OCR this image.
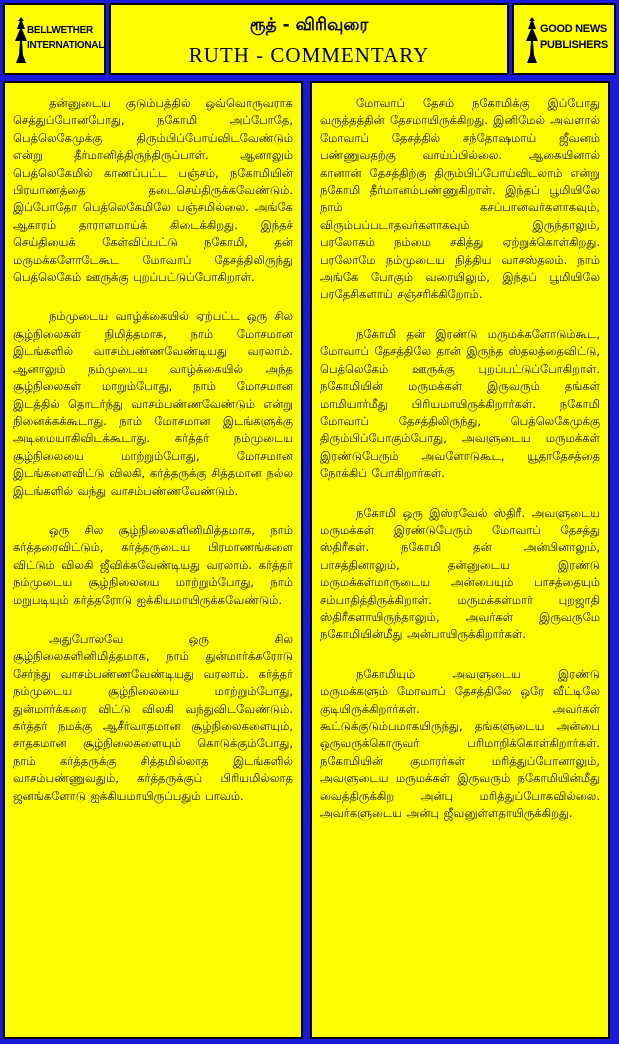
BELLWETHER
INTERNATIONAL
ரூத் - விரிவுரை
RUTH - COMMENTARY
GOOD NEWS
PUBLISHERS

தன்னுடைய குடும்பத்தில் ஒவ்வொருவராக செத்துப்போனபோது, நகோமி அப்போதே, பெத்லெகேமுக்கு திரும்பிப்போய்விடவேண்டும் என்று தீர்மானித்திருந்திருப்பாள். ஆனாலும் பெத்லெகேமில் காணப்பட்ட பஞ்சம், நகோமியின் பிரயாணத்தை தடைசெய்திருக்கவேண்டும். இப்போதோ பெத்லெகேமிலே பஞ்சமில்லை. அங்கே ஆகாரம் தாராளமாய்க் கிடைக்கிறது. இந்தச் செய்தியைக் கேள்விப்பட்டு நகோமி, தன் மருமக்களோடேகூட மோவாப் தேசத்திலிருந்து பெத்லெகேம் ஊருக்கு புறப்பட்டுப்போகிறாள்.

நம்முடைய வாழ்க்கையில் ஏற்பட்ட ஒரு சில சூழ்நிலைகள் நிமித்தமாக, நாம் மோசமான இடங்களில் வாசம்பண்ணவேண்டியது வரலாம். ஆனாலும் நம்முடைய வாழ்க்கையில் அந்த சூழ்நிலைகள் மாறும்போது, நாம் மோசமான இடத்தில் தொடர்ந்து வாசம்பண்ணவேண்டும் என்று நினைக்கக்கூடாது. நாம் மோசமான இடங்களுக்கு அடிமையாகிவிடக்கூடாது. கர்த்தர் நம்முடைய சூழ்நிலையை மாற்றும்போது, மோசமான இடங்களைவிட்டு விலகி, கர்த்தருக்கு சித்தமான நல்ல இடங்களில் வந்து வாசம்பண்ணவேண்டும்.

ஒரு சில சூழ்நிலைகளினிமித்தமாக, நாம் கர்த்தரைவிட்டும், கர்த்தருடைய பிரமாணங்களை விட்டும் விலகி ஜீவிக்கவேண்டியது வரலாம். கர்த்தர் நம்முடைய சூழ்நிலையை மாற்றும்போது, நாம் மறுபடியும் கர்த்தரோடு ஐக்கியமாயிருக்கவேண்டும்.

அதுபோலவே ஒரு சில சூழ்நிலைகளினிமித்தமாக, நாம் துன்மார்க்கரோடு சேர்ந்து வாசம்பண்ணவேண்டியது வரலாம். கர்த்தர் நம்முடைய சூழ்நிலையை மாற்றும்போது, துன்மார்க்கரை விட்டு விலகி வந்துவிடவேண்டும். கர்த்தர் நமக்கு ஆசீர்வாதமான சூழ்நிலைகளையும், சாதகமான சூழ்நிலைகளையும் கொடுக்கும்போது, நாம் கர்த்தருக்கு சித்தமில்லாத இடங்களில் வாசம்பண்ணுவதும், கர்த்தருக்குப் பிரியமில்லாத ஜனங்களோடு ஐக்கியமாயிருப்பதும் பாவம்.

மோவாப் தேசம் நகோமிக்கு இப்போது வருத்தத்தின் தேசமாயிருக்கிறது. இனிமேல் அவளால் மோவாப் தேசத்தில் சந்தோஷமாய் ஜீவனம் பண்ணுவதற்கு வாய்ப்பில்லை. ஆகையினால் கானான் தேசத்திற்கு திரும்பிப்போய்விடலாம் என்று நகோமி தீர்மானம்பண்ணுகிறாள். இந்தப் பூமியிலே நாம் கசப்பானவர்களாகவும், விரும்பப்படாதவர்களாகவும் இருந்தாலும், பரலோகம் நம்மை சகித்து ஏற்றுக்கொள்கிறது. பரலோமே நம்முடைய நித்திய வாசஸ்தலம். நாம் அங்கே போகும் வரையிலும், இந்தப் பூமியிலே பரதேசிகளாய் சஞ்சரிக்கிறோம்.

நகோமி தன் இரண்டு மருமக்களோடும்கூட, மோவாப் தேசத்திலே தான் இருந்த ஸ்தலத்தைவிட்டு, பெத்லெகேம் ஊருக்கு புறப்பட்டுப்போகிறாள். நகோமியின் மருமக்கள் இருவரும் தங்கள் மாமியார்மீது பிரியமாயிருக்கிறார்கள். நகோமி மோவாப் தேசத்திலிருந்து, பெத்லெகேமுக்கு திரும்பிப்போகும்போது, அவளுடைய மருமக்கள் இரண்டுபேரும் அவளோடுகூட, யூதாதேசத்தை நோக்கிப் போகிறார்கள்.

நகோமி ஒரு இஸ்ரவேல் ஸ்திரீ. அவளுடைய மருமக்கள் இரண்டுபேரும் மோவாப் தேசத்து ஸ்திரீகள். நகோமி தன் அன்பினாலும், பாசத்தினாலும், தன்னுடைய இரண்டு மருமக்கள்மாருடைய அன்பையும் பாசத்தையும் சம்பாதித்திருக்கிறாள். மருமக்கள்மார் புறஜாதி ஸ்திரீகளாயிருந்தாலும், அவர்கள் இருவருமே நகோமியின்மீது அன்பாயிருக்கிறார்கள்.

நகோமியும் அவளுடைய இரண்டு மருமக்களும் மோவாப் தேசத்திலே ஒரே வீட்டிலே குடியிருக்கிறார்கள். அவர்கள் கூட்டுக்குடும்பமாகயிருந்து, தங்களுடைய அன்பை ஒருவருக்கொருவர் பரிமாறிக்கொள்கிறார்கள். நகோமியின் குமாரர்கள் மரித்துப்போனாலும், அவளுடைய மருமக்கள் இருவரும் நகோமியின்மீது வைத்திருக்கிற அன்பு மரித்துப்போகவில்லை. அவர்களுடைய அன்பு ஜீவனுள்ளதாயிருக்கிறது.
